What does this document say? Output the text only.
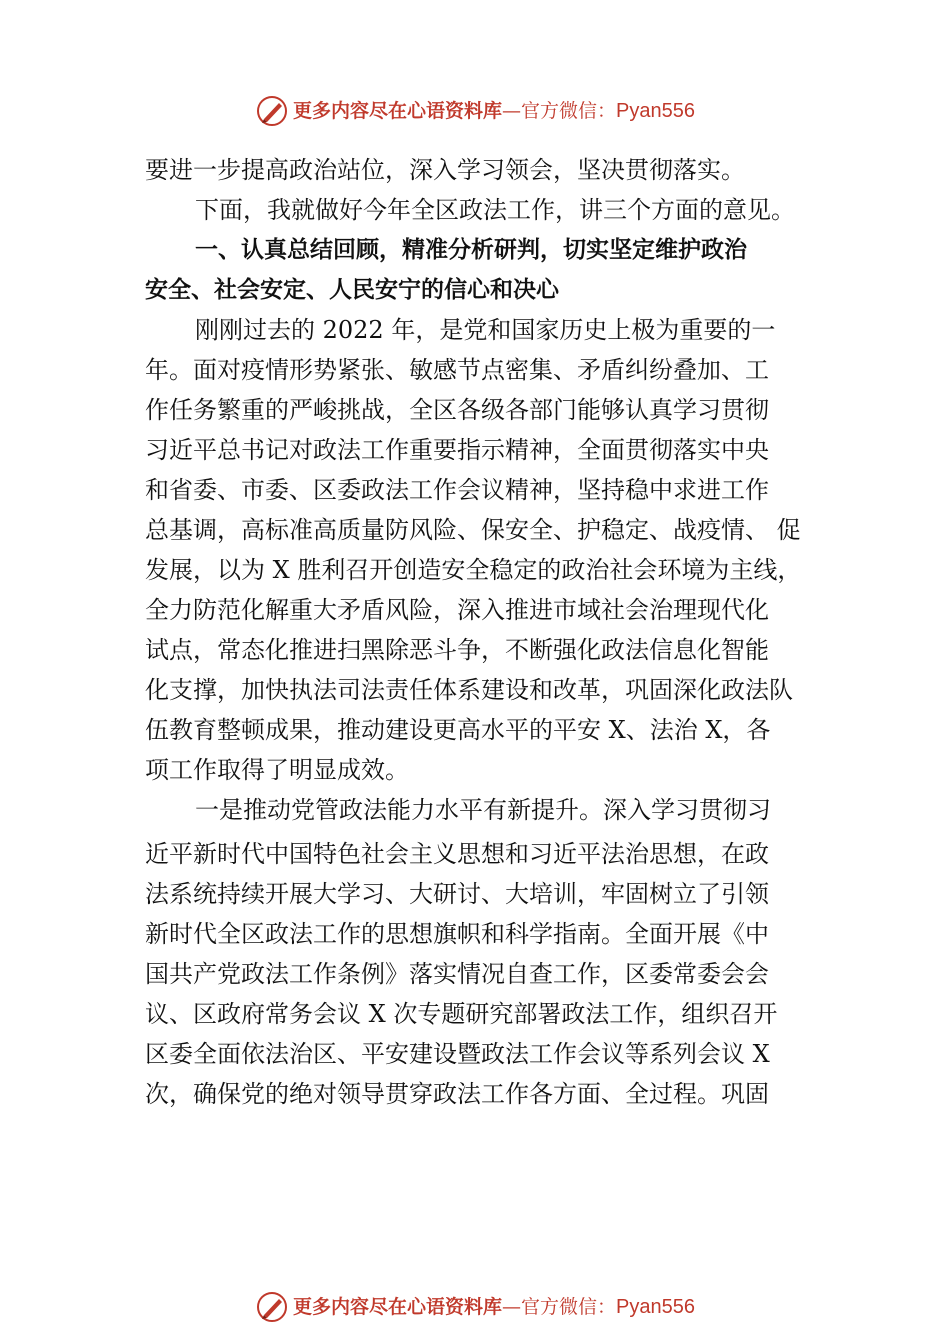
更多内容尽在心语资料库—官方微信：Pyan556
要进一步提高政治站位，深入学习领会，坚决贯彻落实。
下面，我就做好今年全区政法工作，讲三个方面的意见。
一、认真总结回顾，精准分析研判，切实坚定维护政治
安全、社会安定、人民安宁的信心和决心
刚刚过去的 2022 年，是党和国家历史上极为重要的一
年。面对疫情形势紧张、敏感节点密集、矛盾纠纷叠加、工
作任务繁重的严峻挑战，全区各级各部门能够认真学习贯彻
习近平总书记对政法工作重要指示精神，全面贯彻落实中央
和省委、市委、区委政法工作会议精神，坚持稳中求进工作
总基调，高标准高质量防风险、保安全、护稳定、战疫情、 促
发展，以为 X 胜利召开创造安全稳定的政治社会环境为主线，
全力防范化解重大矛盾风险，深入推进市域社会治理现代化
试点，常态化推进扫黑除恶斗争，不断强化政法信息化智能
化支撑，加快执法司法责任体系建设和改革，巩固深化政法队
伍教育整顿成果，推动建设更高水平的平安 X、法治 X，各
项工作取得了明显成效。
一是推动党管政法能力水平有新提升。深入学习贯彻习
近平新时代中国特色社会主义思想和习近平法治思想，在政
法系统持续开展大学习、大研讨、大培训，牢固树立了引领
新时代全区政法工作的思想旗帜和科学指南。全面开展《中
国共产党政法工作条例》落实情况自查工作，区委常委会会
议、区政府常务会议 X 次专题研究部署政法工作，组织召开
区委全面依法治区、平安建设暨政法工作会议等系列会议 X
次，确保党的绝对领导贯穿政法工作各方面、全过程。巩固
更多内容尽在心语资料库—官方微信：Pyan556
